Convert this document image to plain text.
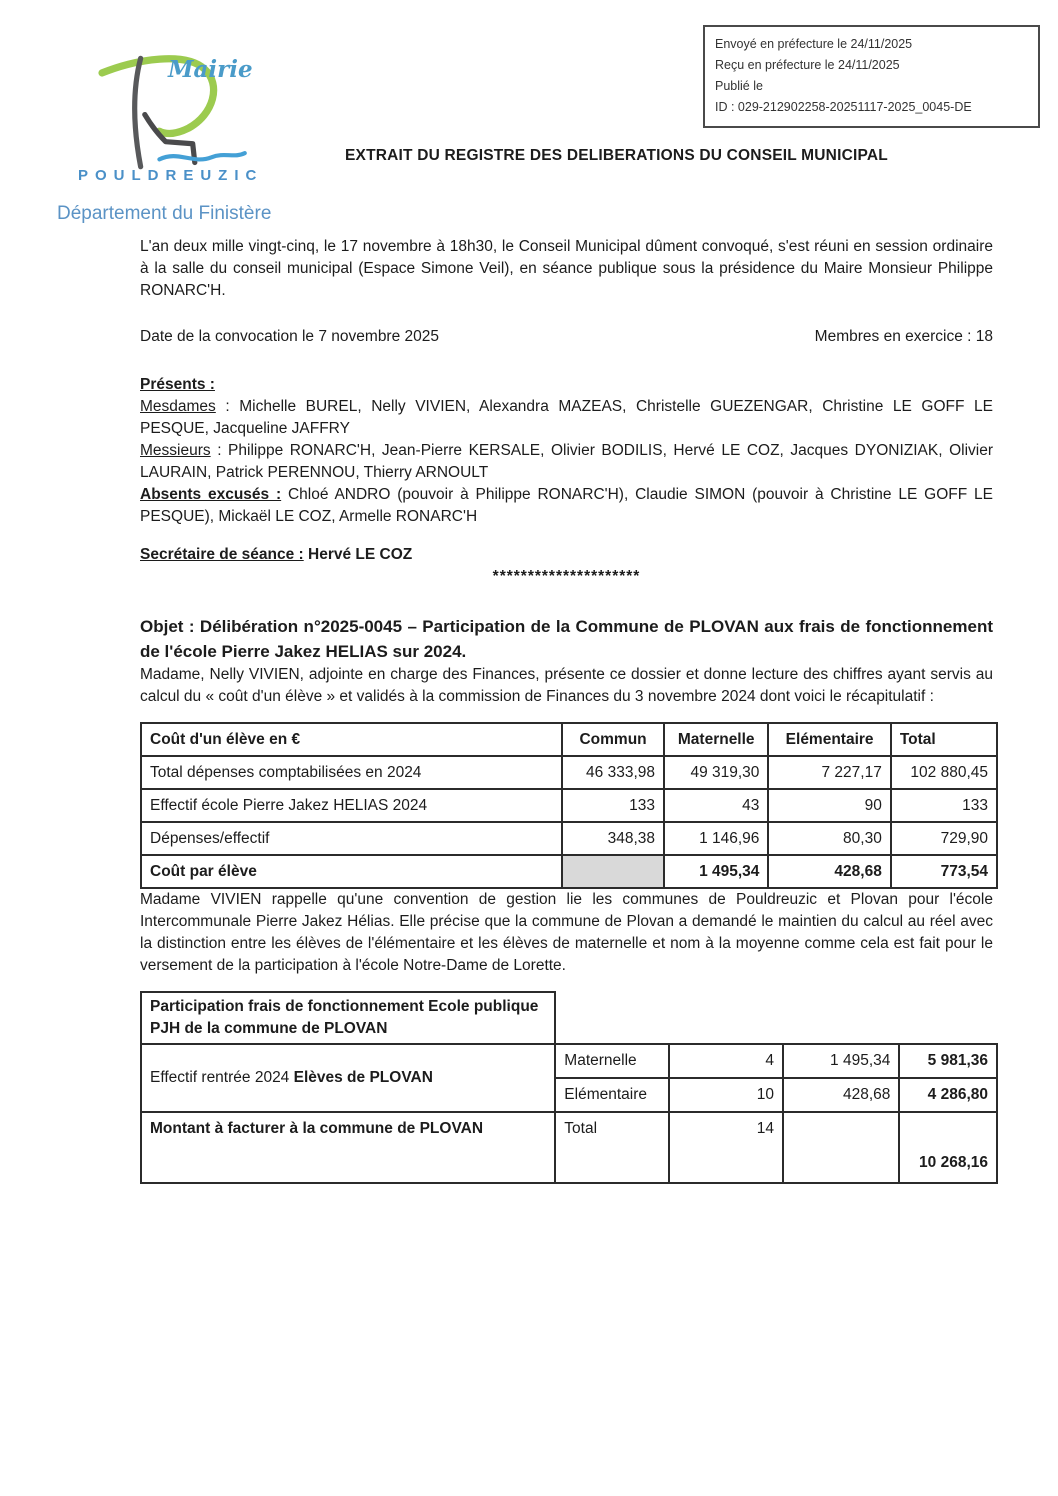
Envoyé en préfecture le 24/11/2025
Reçu en préfecture le 24/11/2025
Publié le
ID : 029-212902258-20251117-2025_0045-DE
Mairie
POULDREUZIC
Département du Finistère
EXTRAIT DU REGISTRE DES DELIBERATIONS DU CONSEIL MUNICIPAL

L'an deux mille vingt-cinq, le 17 novembre à 18h30, le Conseil Municipal dûment convoqué, s'est réuni en session ordinaire à la salle du conseil municipal (Espace Simone Veil), en séance publique sous la présidence du Maire Monsieur Philippe RONARC'H.

Date de la convocation le 7 novembre 2025	Membres en exercice : 18
Présents :

Mesdames : Michelle BUREL, Nelly VIVIEN, Alexandra MAZEAS, Christelle GUEZENGAR, Christine LE GOFF LE PESQUE, Jacqueline JAFFRY

Messieurs : Philippe RONARC'H, Jean-Pierre KERSALE, Olivier BODILIS, Hervé LE COZ, Jacques DYONIZIAK, Olivier LAURAIN, Patrick PERENNOU, Thierry ARNOULT

Absents excusés : Chloé ANDRO (pouvoir à Philippe RONARC'H), Claudie SIMON (pouvoir à Christine LE GOFF LE PESQUE), Mickaël LE COZ, Armelle RONARC'H

Secrétaire de séance : Hervé LE COZ
*********************
Objet : Délibération n°2025-0045 – Participation de la Commune de PLOVAN aux frais de fonctionnement de l'école Pierre Jakez HELIAS sur 2024.

Madame, Nelly VIVIEN, adjointe en charge des Finances, présente ce dossier et donne lecture des chiffres ayant servis au calcul du « coût d'un élève » et validés à la commission de Finances du 3 novembre 2024 dont voici le récapitulatif :

Coût d'un élève en €	Commun	Maternelle	Elémentaire	Total
Total dépenses comptabilisées en 2024	46 333,98	49 319,30	7 227,17	102 880,45
Effectif école Pierre Jakez HELIAS 2024	133	43	90	133
Dépenses/effectif	348,38	1 146,96	80,30	729,90
Coût par élève		1 495,34	428,68	773,54

Madame VIVIEN rappelle qu'une convention de gestion lie les communes de Pouldreuzic et Plovan pour l'école Intercommunale Pierre Jakez Hélias. Elle précise que la commune de Plovan a demandé le maintien du calcul au réel avec la distinction entre les élèves de l'élémentaire et les élèves de maternelle et nom à la moyenne comme cela est fait pour le versement de la participation à l'école Notre-Dame de Lorette.

Participation frais de fonctionnement Ecole publique PJH de la commune de PLOVAN				
Effectif rentrée 2024 Elèves de PLOVAN	Maternelle	4	1 495,34	5 981,36
	Elémentaire	10	428,68	4 286,80
Montant à facturer à la commune de PLOVAN	Total	14		10 268,16
